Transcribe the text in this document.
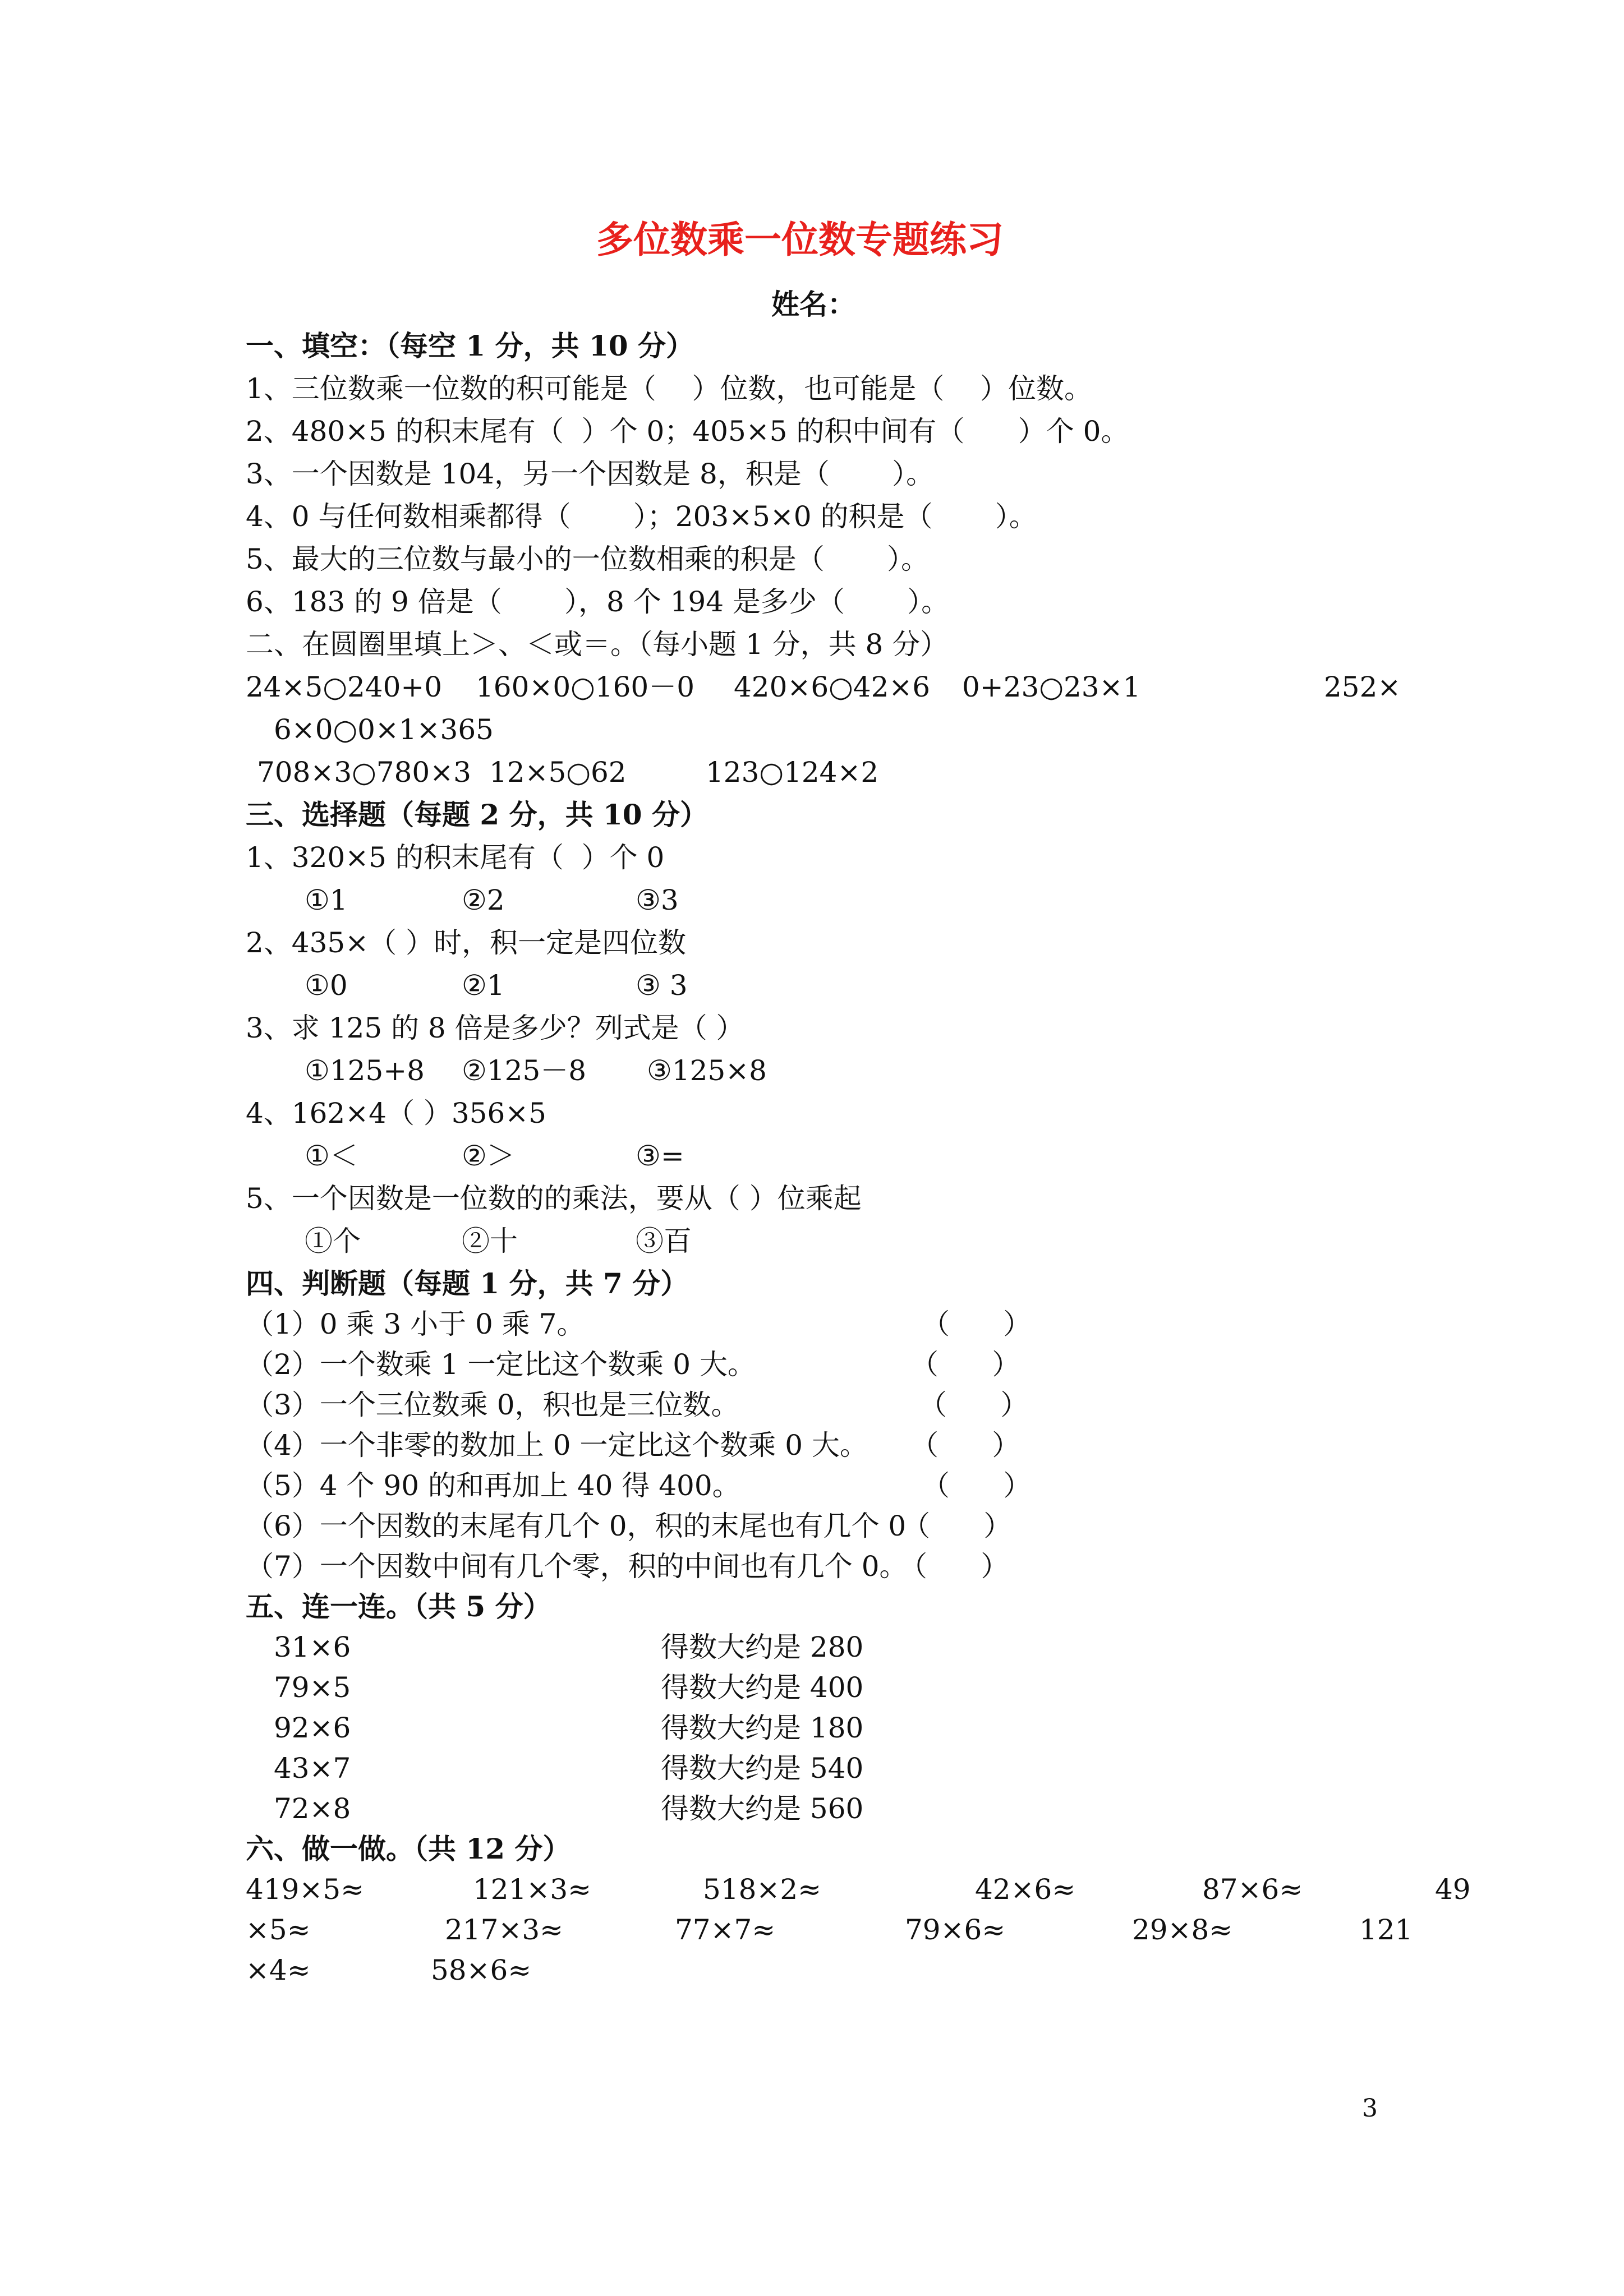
多位数乘一位数专题练习
姓名：
一、填空：（每空 1 分，共 10 分）
1、三位数乘一位数的积可能是（    ）位数，也可能是（    ）位数。
2、480×5 的积末尾有（  ）个 0；405×5 的积中间有（      ）个 0。
3、一个因数是 104，另一个因数是 8，积是（       ）。
4、0 与任何数相乘都得（       ）；203×5×0 的积是（       ）。
5、最大的三位数与最小的一位数相乘的积是（       ）。
6、183 的 9 倍是（       ），8 个 194 是多少（       ）。
二、在圆圈里填上＞、＜或＝。（每小题 1 分，共 8 分）
24×5○240+0 160×0○160－0 420×6○42×6 0+23○23×1	252×
6×0○0×1×365
708×3○780×3 12×5○62	123○124×2
三、选择题（每题 2 分，共 10 分）
1、320×5 的积末尾有（  ）个 0
①1	②2	③3
2、435×（ ）时，积一定是四位数
①0	②1	③ 3
3、求 125 的 8 倍是多少？列式是（ ）
①125+8 ②125－8 ③125×8
4、162×4（ ）356×5
①＜	②＞	③=
5、一个因数是一位数的的乘法，要从（ ）位乘起
①个	②十	③百
四、判断题（每题 1 分，共 7 分）
（1）0 乘 3 小于 0 乘 7。	（      ）
（2）一个数乘 1 一定比这个数乘 0 大。	（      ）
（3）一个三位数乘 0，积也是三位数。	（      ）
（4）一个非零的数加上 0 一定比这个数乘 0 大。 （      ）
（5）4 个 90 的和再加上 40 得 400。	（      ）
（6）一个因数的末尾有几个 0，积的末尾也有几个 0
（      ）
（7）一个因数中间有几个零，积的中间也有几个 0。
（      ）
五、连一连。（共 5 分）
31×6	得数大约是 280
79×5	得数大约是 400
92×6	得数大约是 180
43×7	得数大约是 540
72×8	得数大约是 560
六、做一做。（共 12 分）
419×5≈	121×3≈	518×2≈	42×6≈	87×6≈	49
×5≈	217×3≈	77×7≈	79×6≈	29×8≈	121
×4≈	58×6≈
3
